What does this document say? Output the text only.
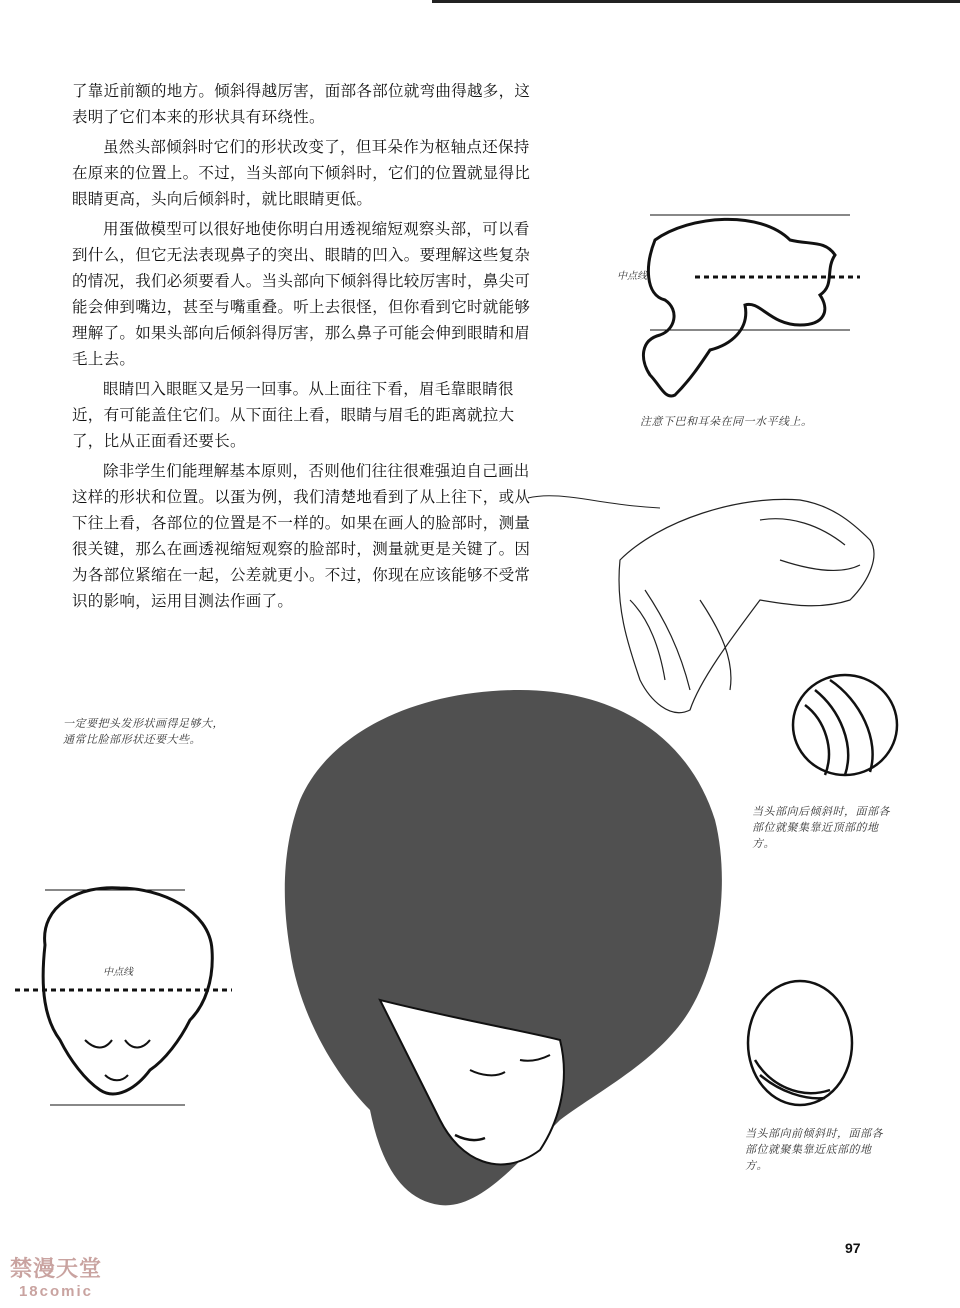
了靠近前额的地方。倾斜得越厉害，面部各部位就弯曲得越多，这表明了它们本来的形状具有环绕性。

虽然头部倾斜时它们的形状改变了，但耳朵作为枢轴点还保持在原来的位置上。不过，当头部向下倾斜时，它们的位置就显得比眼睛更高，头向后倾斜时，就比眼睛更低。

用蛋做模型可以很好地使你明白用透视缩短观察头部，可以看到什么，但它无法表现鼻子的突出、眼睛的凹入。要理解这些复杂的情况，我们必须要看人。当头部向下倾斜得比较厉害时，鼻尖可能会伸到嘴边，甚至与嘴重叠。听上去很怪，但你看到它时就能够理解了。如果头部向后倾斜得厉害，那么鼻子可能会伸到眼睛和眉毛上去。

眼睛凹入眼眶又是另一回事。从上面往下看，眉毛靠眼睛很近，有可能盖住它们。从下面往上看，眼睛与眉毛的距离就拉大了，比从正面看还要长。

除非学生们能理解基本原则，否则他们往往很难强迫自己画出这样的形状和位置。以蛋为例，我们清楚地看到了从上往下，或从下往上看，各部位的位置是不一样的。如果在画人的脸部时，测量很关键，那么在画透视缩短观察的脸部时，测量就更是关键了。因为各部位紧缩在一起，公差就更小。不过，你现在应该能够不受常识的影响，运用目测法作画了。

中点线
中点线
注意下巴和耳朵在同一水平线上。
一定要把头发形状画得足够大，通常比脸部形状还要大些。
当头部向后倾斜时，面部各部位就聚集靠近顶部的地方。
当头部向前倾斜时，面部各部位就聚集靠近底部的地方。
97
禁漫天堂
18comic
